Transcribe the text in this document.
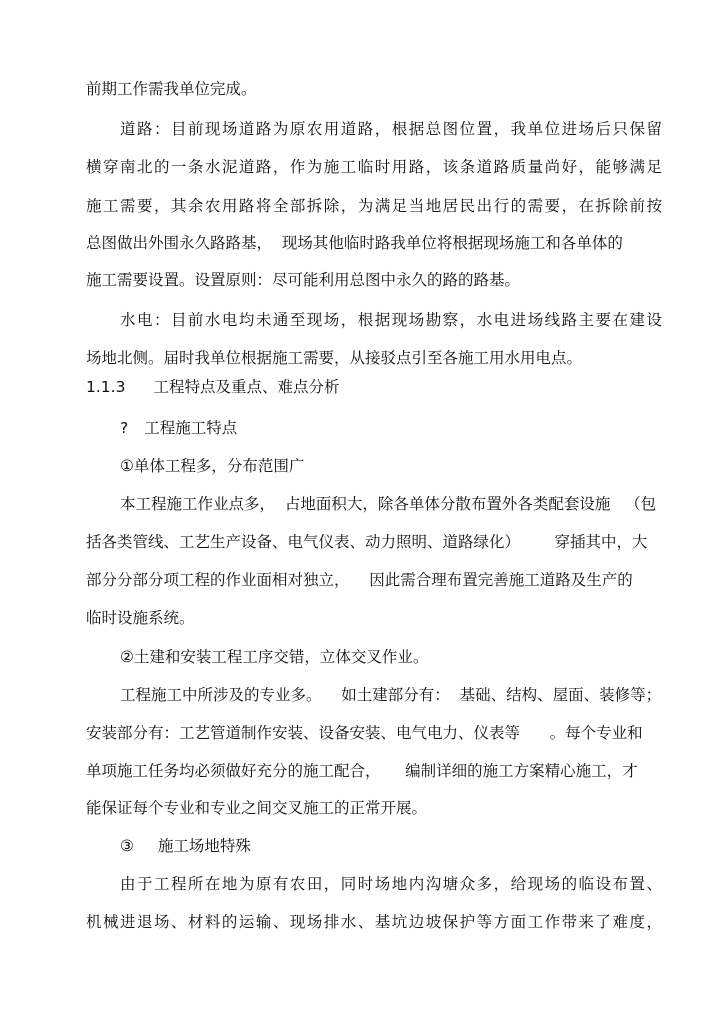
前期工作需我单位完成。
道路：目前现场道路为原农用道路，根据总图位置，我单位进场后只保留
横穿南北的一条水泥道路，作为施工临时用路，该条道路质量尚好，能够满足
施工需要，其余农用路将全部拆除，为满足当地居民出行的需要，在拆除前按
总图做出外围永久路路基，  现场其他临时路我单位将根据现场施工和各单体的
施工需要设置。设置原则：尽可能利用总图中永久的路的路基。
水电：目前水电均未通至现场，根据现场勘察，水电进场线路主要在建设
场地北侧。届时我单位根据施工需要，从接驳点引至各施工用水用电点。
1.1.3 工程特点及重点、难点分析
? 工程施工特点
①单体工程多，分布范围广
本工程施工作业点多，  占地面积大，除各单体分散布置外各类配套设施   （包
括各类管线、工艺生产设备、电气仪表、动力照明、道路绿化）       穿插其中，大
部分分部分项工程的作业面相对独立，    因此需合理布置完善施工道路及生产的
临时设施系统。
②土建和安装工程工序交错，立体交叉作业。
工程施工中所涉及的专业多。    如土建部分有：  基础、结构、屋面、装修等；
安装部分有：工艺管道制作安装、设备安装、电气电力、仪表等      。每个专业和
单项施工任务均必须做好充分的施工配合，     编制详细的施工方案精心施工，才
能保证每个专业和专业之间交叉施工的正常开展。
③ 施工场地特殊
由于工程所在地为原有农田，同时场地内沟塘众多，给现场的临设布置、
机械进退场、材料的运输、现场排水、基坑边坡保护等方面工作带来了难度，
